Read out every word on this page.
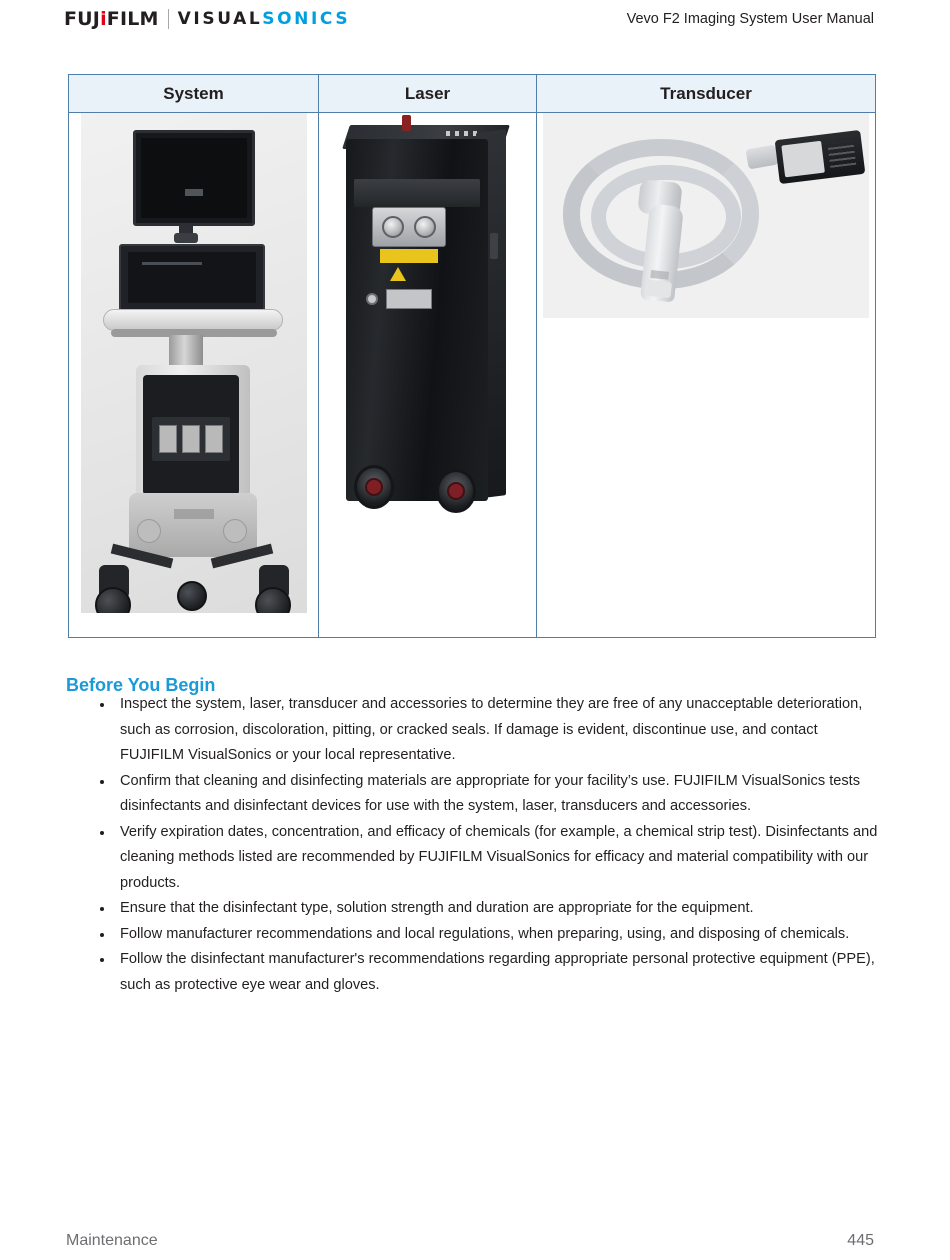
FUJiFILM VISUAL SONICS	Vevo F2 Imaging System User Manual
System	Laser	Transducer

Before You Begin
Inspect the system, laser, transducer and accessories to determine they are free of any unacceptable deterioration, such as corrosion, discoloration, pitting, or cracked seals. If damage is evident, discontinue use, and contact FUJIFILM VisualSonics or your local representative.
Confirm that cleaning and disinfecting materials are appropriate for your facility’s use. FUJIFILM VisualSonics tests disinfectants and disinfectant devices for use with the system, laser, transducers and accessories.
Verify expiration dates, concentration, and efficacy of chemicals (for example, a chemical strip test). Disinfectants and cleaning methods listed are recommended by FUJIFILM VisualSonics for efficacy and material compatibility with our products.
Ensure that the disinfectant type, solution strength and duration are appropriate for the equipment.
Follow manufacturer recommendations and local regulations, when preparing, using, and disposing of chemicals.
Follow the disinfectant manufacturer's recommendations regarding appropriate personal protective equipment (PPE), such as protective eye wear and gloves.
Maintenance	445
